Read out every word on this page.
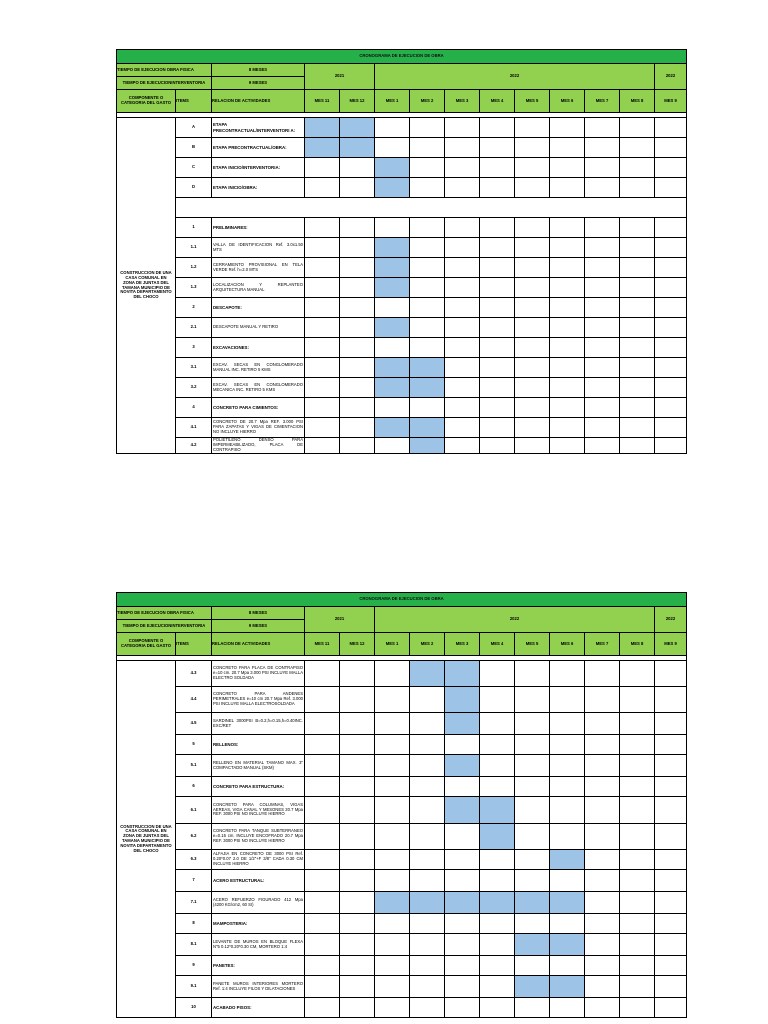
CRONOGRAMA DE EJECUCION DE OBRA													
TIEMPO DE EJECUCION OBRA FISICA		8 MESES	2021		2022								2022
TIEMPO DE EJECUCIONINTERVENTORIA		9 MESES											
COMPONENTE O CATEGORIA DEL GASTO	ITEMS	RELACION DE ACTIVIDADES	MES 11	MES 12	MES 1	MES 2	MES 3	MES 4	MES 5	MES 6	MES 7	MES 8	MES 9

CONSTRUCCION DE UNA CASA COMUNAL EN ZONA DE JUNTAS DEL TAMANA MUNICIPIO DE NOVITA DEPARTAMENTO DEL CHOCO	A	ETAPA PRECONTRACTUAL/INTERVENTORI A:											
	B	ETAPA PRECONTRACTUAL/OBRA:											
	C	ETAPA INICIO/INTERVENTORIA:											
	D	ETAPA INICIO/OBRA:											

	1	PRELIMINARES:											
	1.1	VALLA DE IDENTIFICACION Ref. 3.0x1.50 MTS											
	1.2	CERRAMIENTO PROVISIONAL EN TELA VERDE Ref. h=2.0 MTS											
	1.3	LOCALIZACION Y REPLANTEO ARQUITECTURA MANUAL											
	2	DESCAPOTE:											
	2.1	DESCAPOTE MANUAL Y RETIRO											
	3	EXCAVACIONES:											
	3.1	EXCAV. SECAS EN CONGLOMERADO MANUAL INC. RETIRO 5 KMS											
	3.2	EXCAV. SECAS EN CONGLOMERADO MECANICA INC. RETIRO 5 KMS											
	4	CONCRETO PARA CIMIENTOS:											
	4.1	CONCRETO DE 20.7 Mpa REF. 3.000 PSI PARA ZAPATAS Y VIGAS DE CIMENTACION NO INCLUYE HIERRO											
	4.2	POLIETILENO DENSO PARA IMPERMEABILIZADO, PLACA DE CONTRAPISO											
CRONOGRAMA DE EJECUCION DE OBRA													
TIEMPO DE EJECUCION OBRA FISICA		8 MESES	2021		2022								2022
TIEMPO DE EJECUCIONINTERVENTORIA		9 MESES											
COMPONENTE O CATEGORIA DEL GASTO	ITEMS	RELACION DE ACTIVIDADES	MES 11	MES 12	MES 1	MES 2	MES 3	MES 4	MES 5	MES 6	MES 7	MES 8	MES 9

CONSTRUCCION DE UNA CASA COMUNAL EN ZONA DE JUNTAS DEL TAMANA MUNICIPIO DE NOVITA DEPARTAMENTO DEL CHOCO	4.3	CONCRETO PARA PLACA DE CONTRAPISO e=10 cm. 20.7 Mpa 3.000 PSI INCLUYE MALLA ELECTRO SOLDADA											
	4.4	CONCRETO PARA ANDENES PERIMETRALES e=10 cm 20.7 Mpa Ref. 3.000 PSI INCLUYE MALLA ELECTROSOLDADA											
	4.5	SARDINEL 3000PSI B=0.2,h=0.15,h=0.40INC. EXC/RET											
	5	RELLENOS:											
	5.1	RELLENO EN MATERIAL TAMANO MAX. 3" COMPACTADO MANUAL (SKM)											
	6	CONCRETO PARA ESTRUCTURA:											
	6.1	CONCRETO PARA COLUMNAS, VIGAS AEREAS, VIGA CANAL Y MESONES 20.7 Mpa REF. 3000 PSI NO INCLUYE HIERRO											
	6.2	CONCRETO PARA TANQUE SUBTERRANEO e=0.15 cm. INCLUYE ENCOFRADO 20.7 Mpa REF. 3000 PSI NO INCLUYE HIERRO											
	6.3	ALFAJIA EN CONCRETO DE 3000 PSI Ref. 0.20*0.07 2.0 DE 1/2"+F 3/8" CADA 0.30 CM INCLUYE HIERRO											
	7	ACERO ESTRUCTURAL:											
	7.1	ACERO REFUERZO FIGURADO 412 Mpa (4200 KG/cm2, 60 SI)											
	8	MAMPOSTERIA:											
	8.1	LEVANTE DE MUROS EN BLOQUE FLEXA N"5 0.12*0.20*0.30 CM, MORTERO 1:4											
	9	PANETES:											
	9.1	PANETE MUROS INTERIORES MORTERO Ref. 1:4 INCLUYE FILOS Y DILATACIONES											
	10	ACABADO PISOS:											
